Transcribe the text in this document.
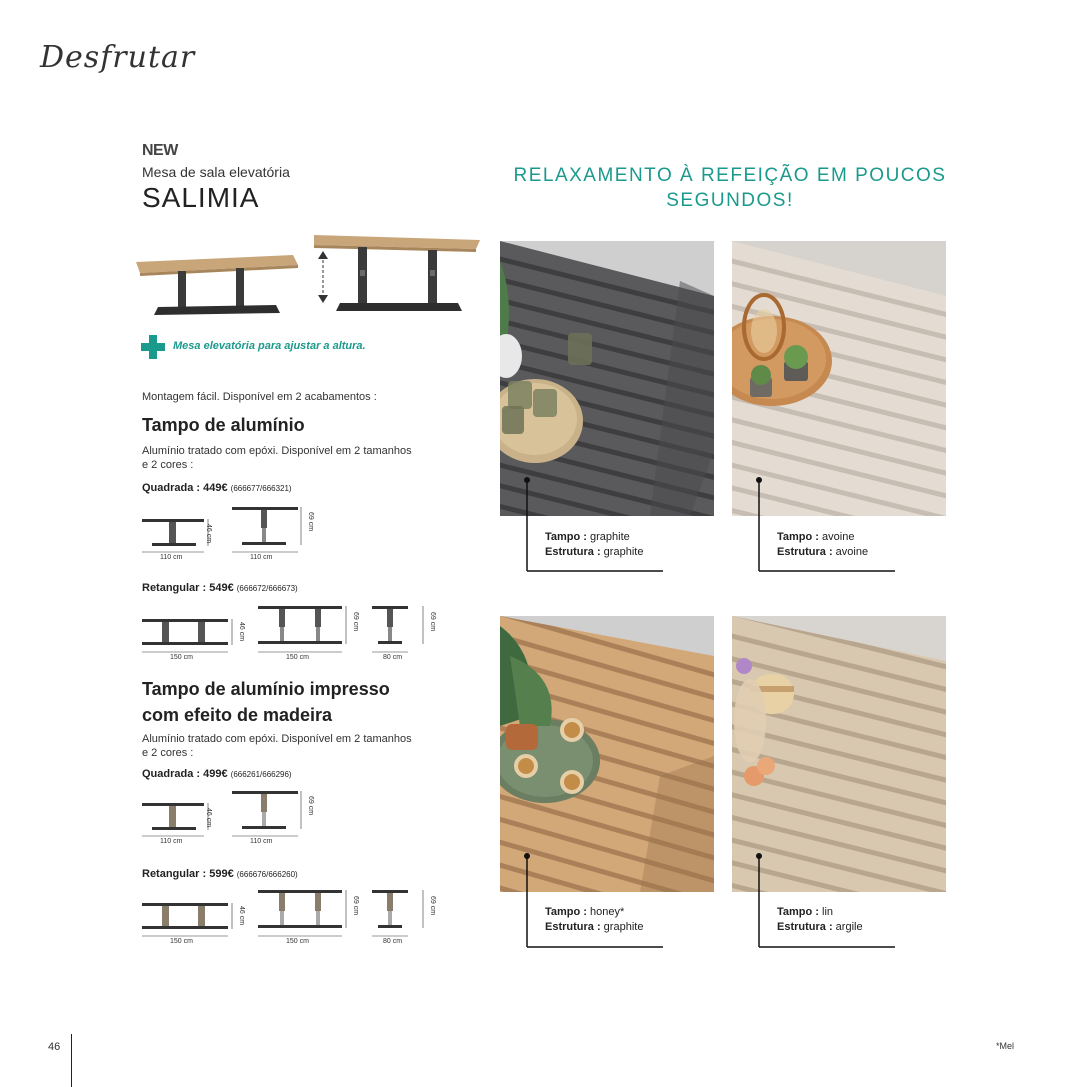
Desfrutar
NEW
Mesa de sala elevatória
SALIMIA
Mesa elevatória para ajustar a altura.
Montagem fácil. Disponível em 2 acabamentos :
Tampo de alumínio
Alumínio tratado com epóxi. Disponível em 2 tamanhos
e 2 cores :
Quadrada : 449€ (666677/666321)
110 cm	110 cm
46 cm
69 cm
Retangular : 549€ (666672/666673)
150 cm	150 cm	80 cm
46 cm
69 cm	69 cm
Tampo de alumínio impresso
com efeito de madeira
Alumínio tratado com epóxi. Disponível em 2 tamanhos
e 2 cores :
Quadrada : 499€ (666261/666296)
110 cm	110 cm
46 cm
69 cm
Retangular : 599€ (666676/666260)
150 cm	150 cm	80 cm
46 cm
69 cm	69 cm
RELAXAMENTO À REFEIÇÃO EM POUCOS
SEGUNDOS!
Tampo : graphite
Estrutura : graphite
Tampo : avoine
Estrutura : avoine
Tampo : honey*
Estrutura : graphite
Tampo : lin
Estrutura : argile
46	*Mel
